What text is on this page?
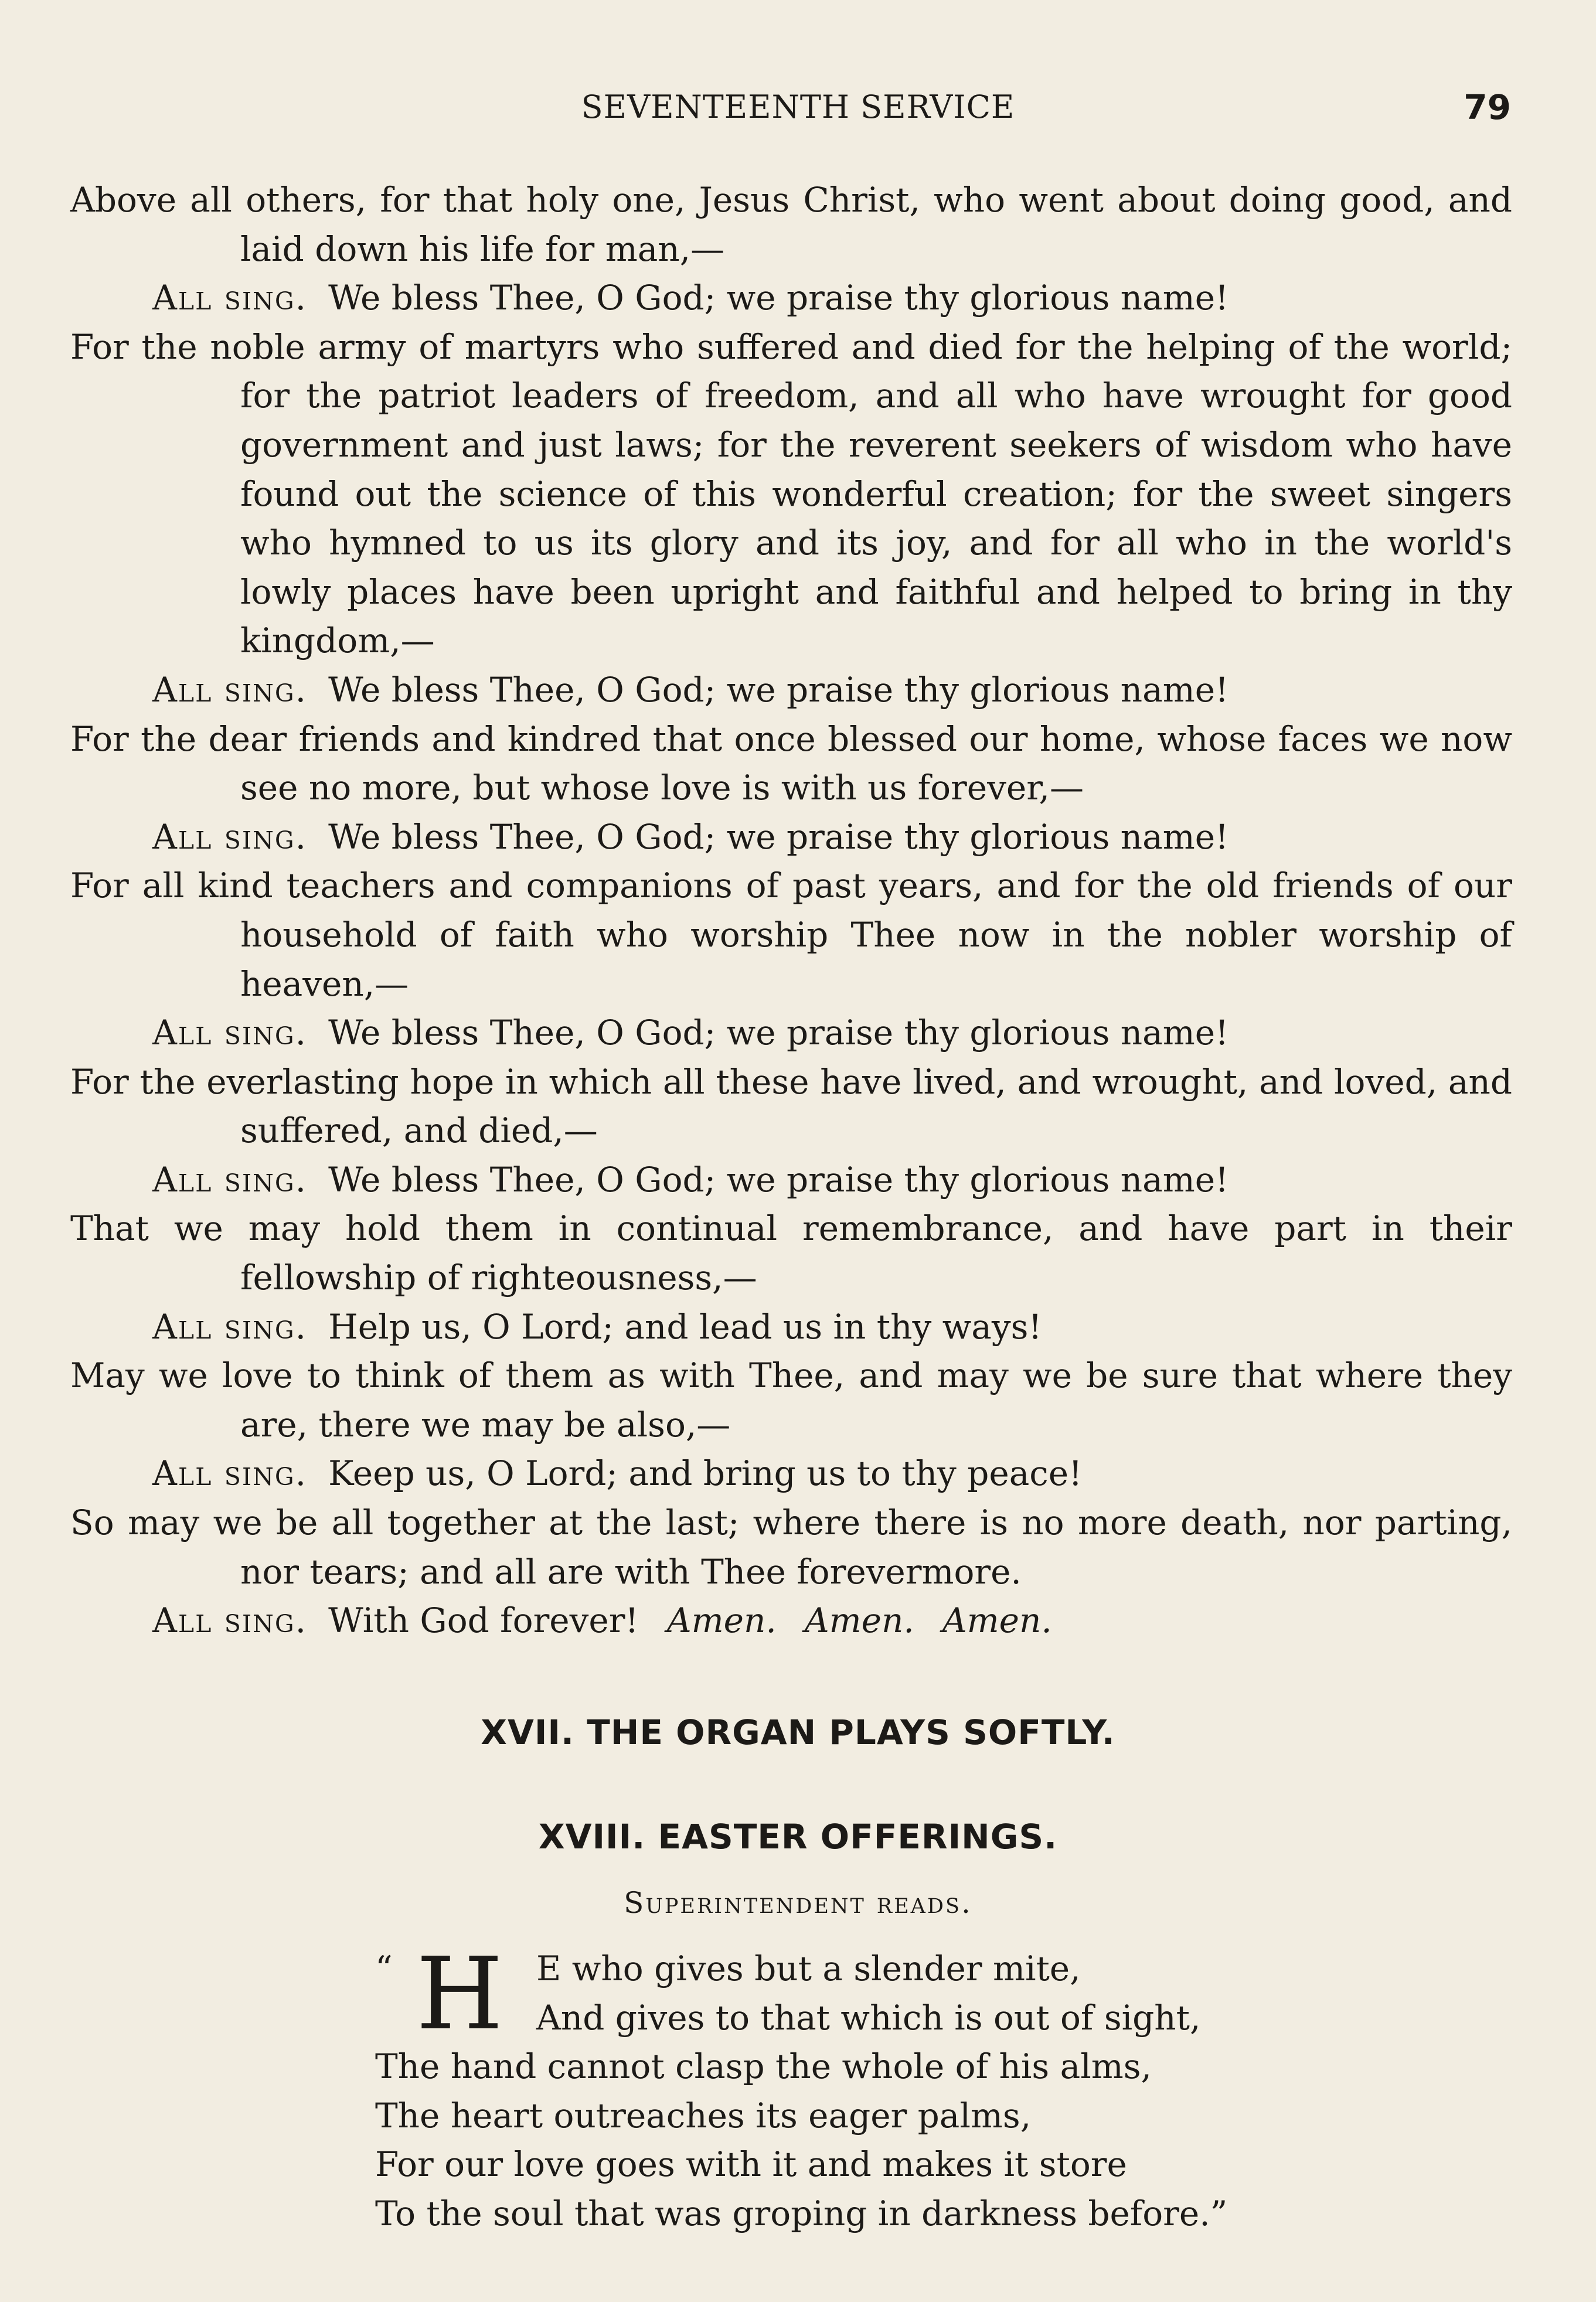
SEVENTEENTH SERVICE	79

Above all others, for that holy one, Jesus Christ, who went about doing good, and laid down his life for man,—

All sing. We bless Thee, O God; we praise thy glorious name!

For the noble army of martyrs who suffered and died for the helping of the world; for the patriot leaders of freedom, and all who have wrought for good government and just laws; for the reverent seekers of wisdom who have found out the science of this wonderful creation; for the sweet singers who hymned to us its glory and its joy, and for all who in the world's lowly places have been upright and faithful and helped to bring in thy kingdom,—

All sing. We bless Thee, O God; we praise thy glorious name!

For the dear friends and kindred that once blessed our home, whose faces we now see no more, but whose love is with us forever,—

All sing. We bless Thee, O God; we praise thy glorious name!

For all kind teachers and companions of past years, and for the old friends of our household of faith who worship Thee now in the nobler worship of heaven,—

All sing. We bless Thee, O God; we praise thy glorious name!

For the everlasting hope in which all these have lived, and wrought, and loved, and suffered, and died,—

All sing. We bless Thee, O God; we praise thy glorious name!

That we may hold them in continual remembrance, and have part in their fellowship of righteousness,—

All sing. Help us, O Lord; and lead us in thy ways!

May we love to think of them as with Thee, and may we be sure that where they are, there we may be also,—

All sing. Keep us, O Lord; and bring us to thy peace!

So may we be all together at the last; where there is no more death, nor parting, nor tears; and all are with Thee forevermore.

All sing. With God forever! Amen. Amen. Amen.

XVII. THE ORGAN PLAYS SOFTLY.
XVIII. EASTER OFFERINGS.
Superintendent reads.
“ H E who gives but a slender mite,

And gives to that which is out of sight,

The hand cannot clasp the whole of his alms,

The heart outreaches its eager palms,

For our love goes with it and makes it store

To the soul that was groping in darkness before.”
